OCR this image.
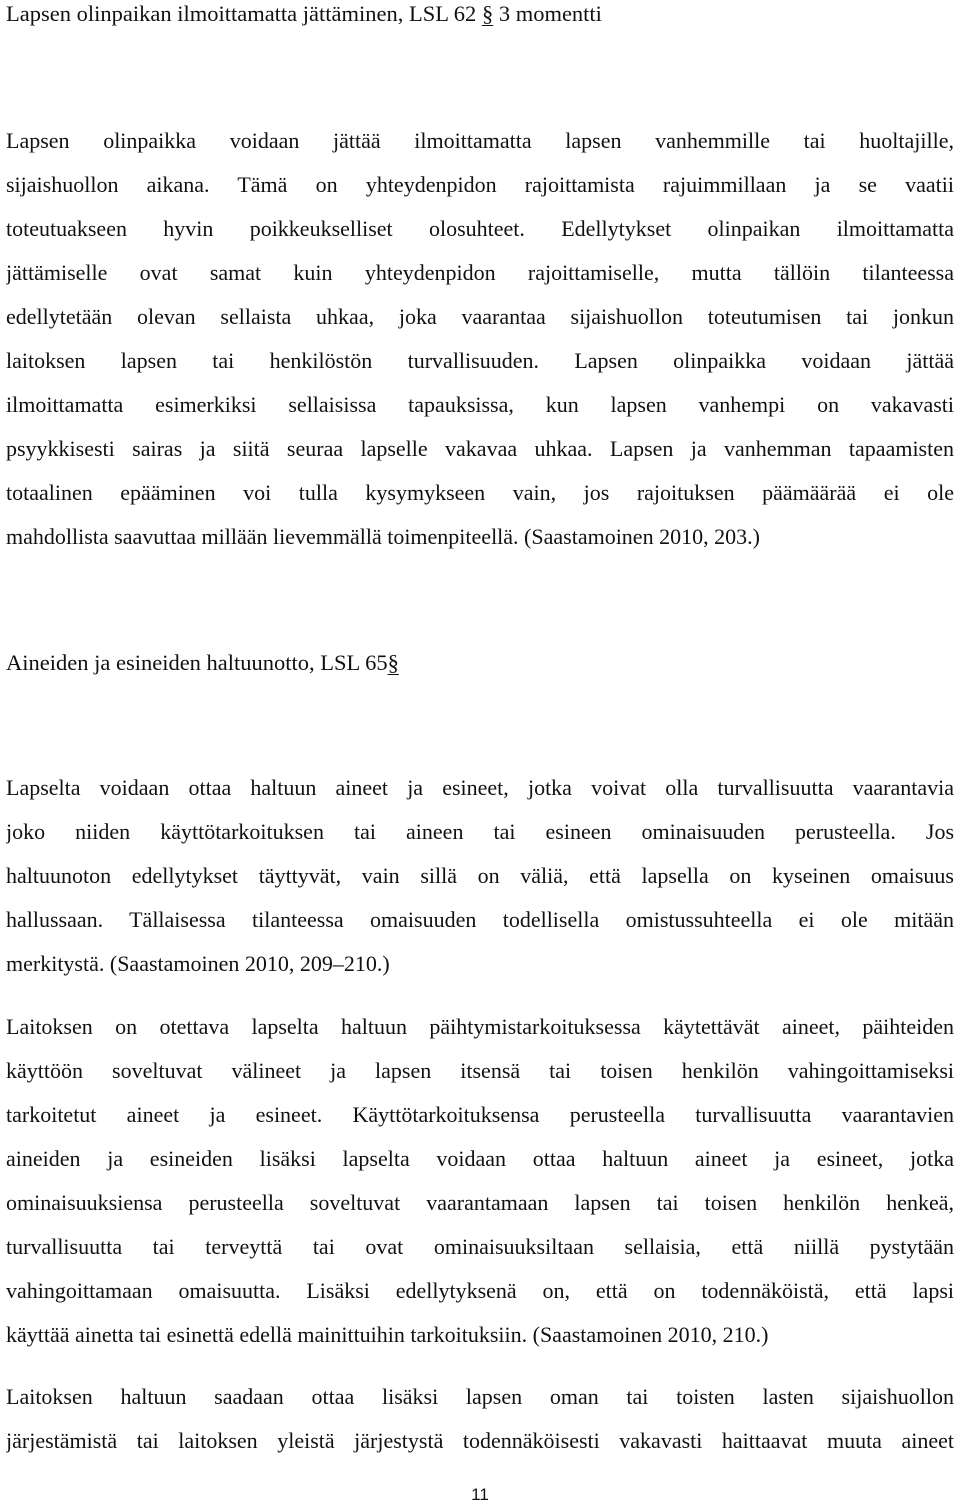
Lapsen olinpaikan ilmoittamatta jättäminen, LSL 62 § 3 momentti
Lapsen olinpaikka voidaan jättää ilmoittamatta lapsen vanhemmille tai huoltajille,
sijaishuollon aikana. Tämä on yhteydenpidon rajoittamista rajuimmillaan ja se vaatii
toteutuakseen hyvin poikkeukselliset olosuhteet. Edellytykset olinpaikan ilmoittamatta
jättämiselle ovat samat kuin yhteydenpidon rajoittamiselle, mutta tällöin tilanteessa
edellytetään olevan sellaista uhkaa, joka vaarantaa sijaishuollon toteutumisen tai jonkun
laitoksen lapsen tai henkilöstön turvallisuuden. Lapsen olinpaikka voidaan jättää
ilmoittamatta esimerkiksi sellaisissa tapauksissa, kun lapsen vanhempi on vakavasti
psyykkisesti sairas ja siitä seuraa lapselle vakavaa uhkaa. Lapsen ja vanhemman tapaamisten
totaalinen epääminen voi tulla kysymykseen vain, jos rajoituksen päämäärää ei ole
mahdollista saavuttaa millään lievemmällä toimenpiteellä. (Saastamoinen 2010, 203.)
Aineiden ja esineiden haltuunotto, LSL 65§
Lapselta voidaan ottaa haltuun aineet ja esineet, jotka voivat olla turvallisuutta vaarantavia
joko niiden käyttötarkoituksen tai aineen tai esineen ominaisuuden perusteella. Jos
haltuunoton edellytykset täyttyvät, vain sillä on väliä, että lapsella on kyseinen omaisuus
hallussaan. Tällaisessa tilanteessa omaisuuden todellisella omistussuhteella ei ole mitään
merkitystä. (Saastamoinen 2010, 209‒210.)
Laitoksen on otettava lapselta haltuun päihtymistarkoituksessa käytettävät aineet, päihteiden
käyttöön soveltuvat välineet ja lapsen itsensä tai toisen henkilön vahingoittamiseksi
tarkoitetut aineet ja esineet. Käyttötarkoituksensa perusteella turvallisuutta vaarantavien
aineiden ja esineiden lisäksi lapselta voidaan ottaa haltuun aineet ja esineet, jotka
ominaisuuksiensa perusteella soveltuvat vaarantamaan lapsen tai toisen henkilön henkeä,
turvallisuutta tai terveyttä tai ovat ominaisuuksiltaan sellaisia, että niillä pystytään
vahingoittamaan omaisuutta. Lisäksi edellytyksenä on, että on todennäköistä, että lapsi
käyttää ainetta tai esinettä edellä mainittuihin tarkoituksiin. (Saastamoinen 2010, 210.)
Laitoksen haltuun saadaan ottaa lisäksi lapsen oman tai toisten lasten sijaishuollon
järjestämistä tai laitoksen yleistä järjestystä todennäköisesti vakavasti haittaavat muuta aineet
11
